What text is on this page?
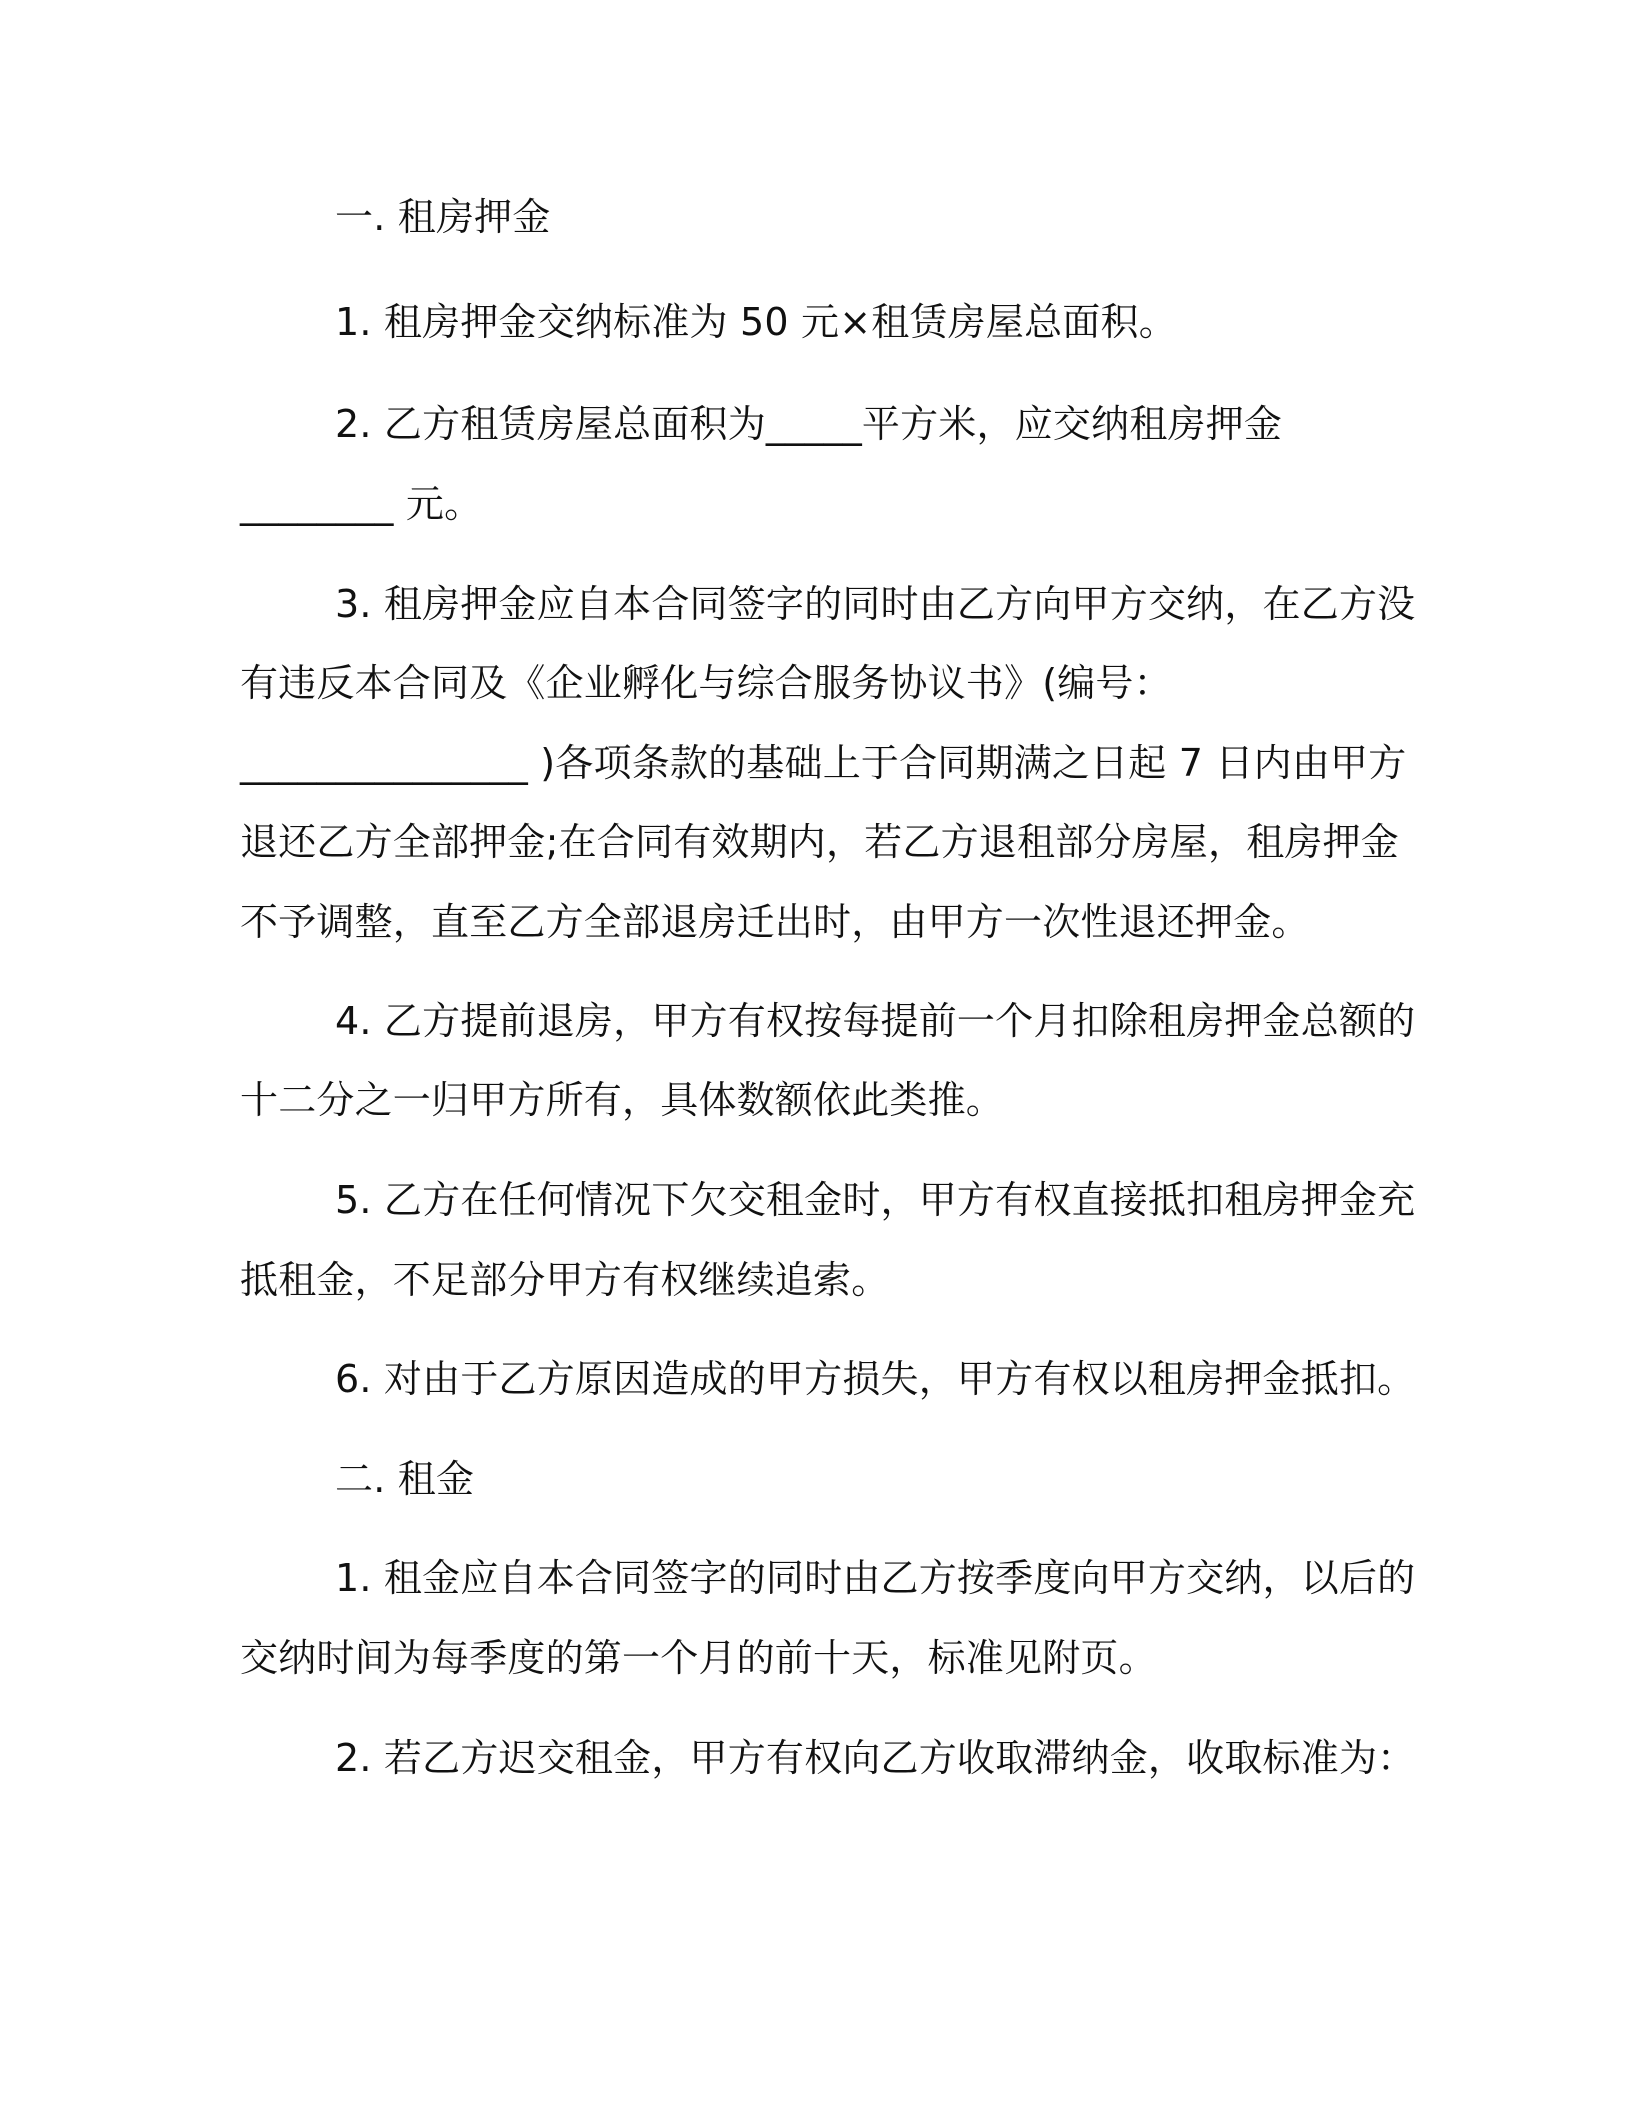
一. 租房押金
1. 租房押金交纳标准为 50 元×租赁房屋总面积。
2. 乙方租赁房屋总面积为_____平方米，应交纳租房押金
________ 元。
3. 租房押金应自本合同签字的同时由乙方向甲方交纳，在乙方没
有违反本合同及《企业孵化与综合服务协议书》(编号：
_______________ )各项条款的基础上于合同期满之日起 7 日内由甲方
退还乙方全部押金;在合同有效期内，若乙方退租部分房屋，租房押金
不予调整，直至乙方全部退房迁出时，由甲方一次性退还押金。
4. 乙方提前退房，甲方有权按每提前一个月扣除租房押金总额的
十二分之一归甲方所有，具体数额依此类推。
5. 乙方在任何情况下欠交租金时，甲方有权直接抵扣租房押金充
抵租金，不足部分甲方有权继续追索。
6. 对由于乙方原因造成的甲方损失，甲方有权以租房押金抵扣。
二. 租金
1. 租金应自本合同签字的同时由乙方按季度向甲方交纳，以后的
交纳时间为每季度的第一个月的前十天，标准见附页。
2. 若乙方迟交租金，甲方有权向乙方收取滞纳金，收取标准为：
